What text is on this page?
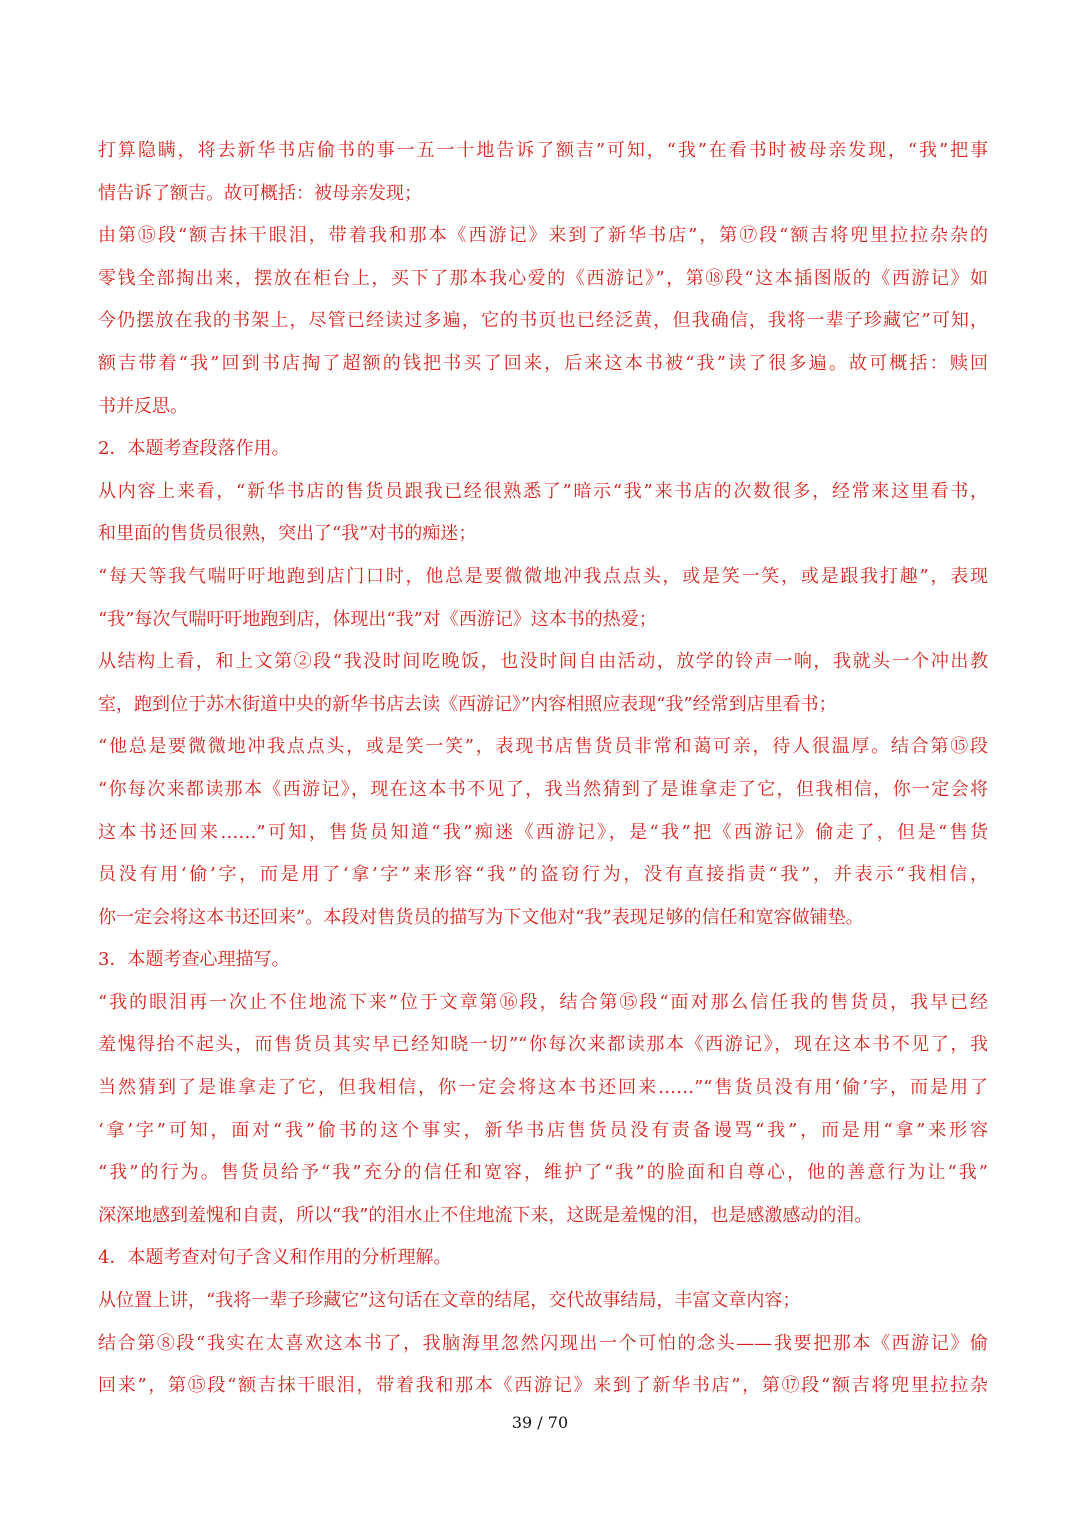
打算隐瞒，将去新华书店偷书的事一五一十地告诉了额吉”可知，“我”在看书时被母亲发现，“我”把事
情告诉了额吉。故可概括：被母亲发现；
由第⑮段“额吉抹干眼泪，带着我和那本《西游记》来到了新华书店”，第⑰段“额吉将兜里拉拉杂杂的
零钱全部掏出来，摆放在柜台上，买下了那本我心爱的《西游记》”，第⑱段“这本插图版的《西游记》如
今仍摆放在我的书架上，尽管已经读过多遍，它的书页也已经泛黄，但我确信，我将一辈子珍藏它”可知，
额吉带着“我”回到书店掏了超额的钱把书买了回来，后来这本书被“我”读了很多遍。故可概括：赎回
书并反思。
2．本题考查段落作用。
从内容上来看，“新华书店的售货员跟我已经很熟悉了”暗示“我”来书店的次数很多，经常来这里看书，
和里面的售货员很熟，突出了“我”对书的痴迷；
“每天等我气喘吁吁地跑到店门口时，他总是要微微地冲我点点头，或是笑一笑，或是跟我打趣”，表现
“我”每次气喘吁吁地跑到店，体现出“我”对《西游记》这本书的热爱；
从结构上看，和上文第②段“我没时间吃晚饭，也没时间自由活动，放学的铃声一响，我就头一个冲出教
室，跑到位于苏木街道中央的新华书店去读《西游记》”内容相照应表现“我”经常到店里看书；
“他总是要微微地冲我点点头，或是笑一笑”，表现书店售货员非常和蔼可亲，待人很温厚。结合第⑮段
“你每次来都读那本《西游记》，现在这本书不见了，我当然猜到了是谁拿走了它，但我相信，你一定会将
这本书还回来……”可知，售货员知道“我”痴迷《西游记》，是“我”把《西游记》偷走了，但是“售货
员没有用‘偷’字，而是用了‘拿’字”来形容“我”的盗窃行为，没有直接指责“我”，并表示“我相信，
你一定会将这本书还回来”。本段对售货员的描写为下文他对“我”表现足够的信任和宽容做铺垫。
3．本题考查心理描写。
“我的眼泪再一次止不住地流下来”位于文章第⑯段，结合第⑮段“面对那么信任我的售货员，我早已经
羞愧得抬不起头，而售货员其实早已经知晓一切”“你每次来都读那本《西游记》，现在这本书不见了，我
当然猜到了是谁拿走了它，但我相信，你一定会将这本书还回来……”“售货员没有用‘偷’字，而是用了
‘拿’字”可知，面对“我”偷书的这个事实，新华书店售货员没有责备谩骂“我”，而是用“拿”来形容
“我”的行为。售货员给予“我”充分的信任和宽容，维护了“我”的脸面和自尊心，他的善意行为让“我”
深深地感到羞愧和自责，所以“我”的泪水止不住地流下来，这既是羞愧的泪，也是感激感动的泪。
4．本题考查对句子含义和作用的分析理解。
从位置上讲，“我将一辈子珍藏它”这句话在文章的结尾，交代故事结局，丰富文章内容；
结合第⑧段“我实在太喜欢这本书了，我脑海里忽然闪现出一个可怕的念头——我要把那本《西游记》偷
回来”，第⑮段“额吉抹干眼泪，带着我和那本《西游记》来到了新华书店”，第⑰段“额吉将兜里拉拉杂
39 / 70
